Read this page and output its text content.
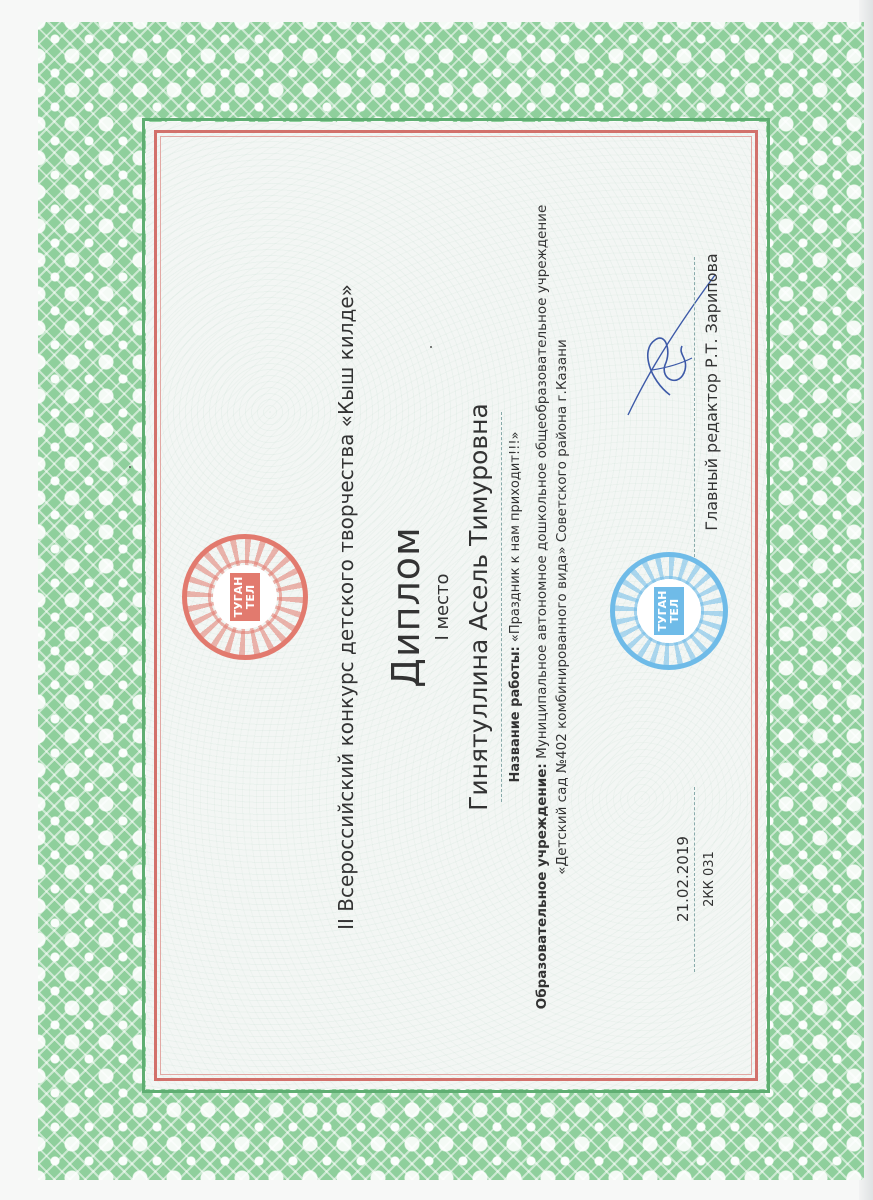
ТУГАН ТЕЛ	ТУГАН ТЕЛ
II Всероссийский конкурс детского творчества «Кыш килде» Диплом I место Гинятуллина Асель Тимуровна Название работы: «Праздник к нам приходит!!!»
Образовательное учреждение: Муниципальное автономное дошкольное общеобразовательное учреждение «Детский сад №402 комбинированного вида» Советского района г.Казани
21.02.2019 2КК 031
Главный редактор Р.Т. Зарипова
